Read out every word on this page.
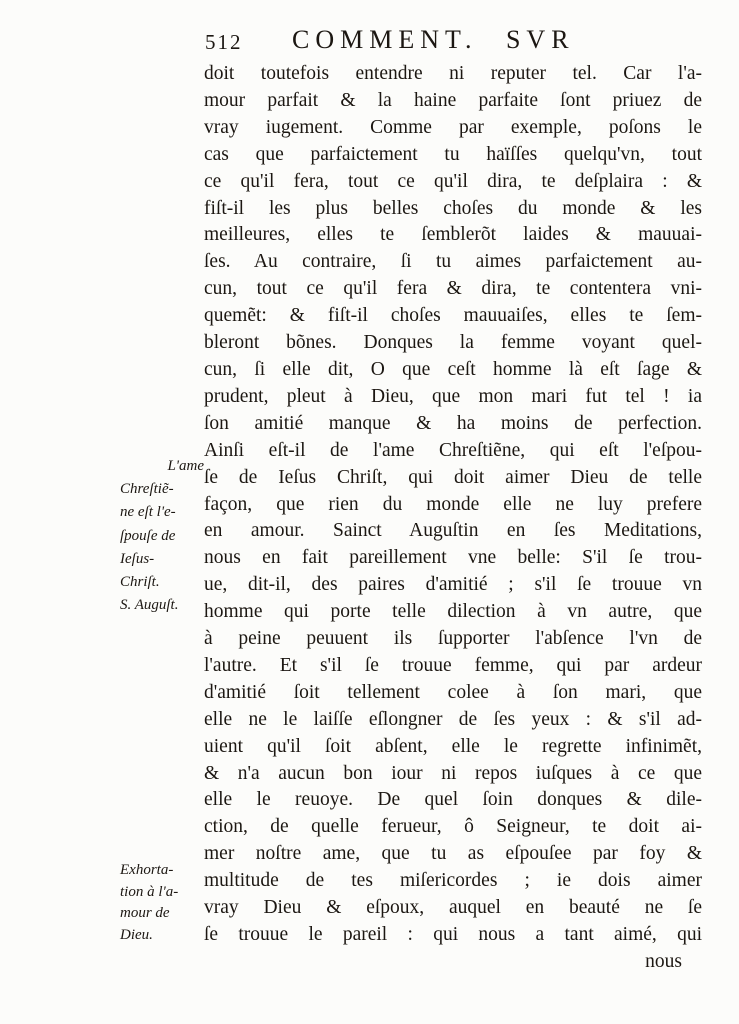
512 COMMENT. SVR
L'ame
Chreſtiẽ-
ne eſt l'e-
ſpouſe de
Ieſus-
Chriſt.
S. Auguſt.
Exhorta-
tion à l'a-
mour de
Dieu.
doit toutefois entendre ni reputer tel. Car l'a-
mour parfait & la haine parfaite ſont priuez de
vray iugement. Comme par exemple, poſons le
cas que parfaictement tu haïſſes quelqu'vn, tout
ce qu'il fera, tout ce qu'il dira, te deſplaira : &
fiſt-il les plus belles choſes du monde & les
meilleures, elles te ſemblerõt laides & mauuai-
ſes. Au contraire, ſi tu aimes parfaictement au-
cun, tout ce qu'il fera & dira, te contentera vni-
quemẽt: & fiſt-il choſes mauuaiſes, elles te ſem-
bleront bõnes. Donques la femme voyant quel-
cun, ſi elle dit, O que ceſt homme là eſt ſage &
prudent, pleut à Dieu, que mon mari fut tel ! ia
ſon amitié manque & ha moins de perfection.
Ainſi eſt-il de l'ame Chreſtiẽne, qui eſt l'eſpou-
ſe de Ieſus Chriſt, qui doit aimer Dieu de telle
façon, que rien du monde elle ne luy prefere
en amour. Sainct Auguſtin en ſes Meditations,
nous en fait pareillement vne belle: S'il ſe trou-
ue, dit-il, des paires d'amitié ; s'il ſe trouue vn
homme qui porte telle dilection à vn autre, que
à peine peuuent ils ſupporter l'abſence l'vn de
l'autre. Et s'il ſe trouue femme, qui par ardeur
d'amitié ſoit tellement colee à ſon mari, que
elle ne le laiſſe eſlongner de ſes yeux : & s'il ad-
uient qu'il ſoit abſent, elle le regrette infinimẽt,
& n'a aucun bon iour ni repos iuſques à ce que
elle le reuoye. De quel ſoin donques & dile-
ction, de quelle ferueur, ô Seigneur, te doit ai-
mer noſtre ame, que tu as eſpouſee par foy &
multitude de tes miſericordes ; ie dois aimer
vray Dieu & eſpoux, auquel en beauté ne ſe
ſe trouue le pareil : qui nous a tant aimé, qui
nous
